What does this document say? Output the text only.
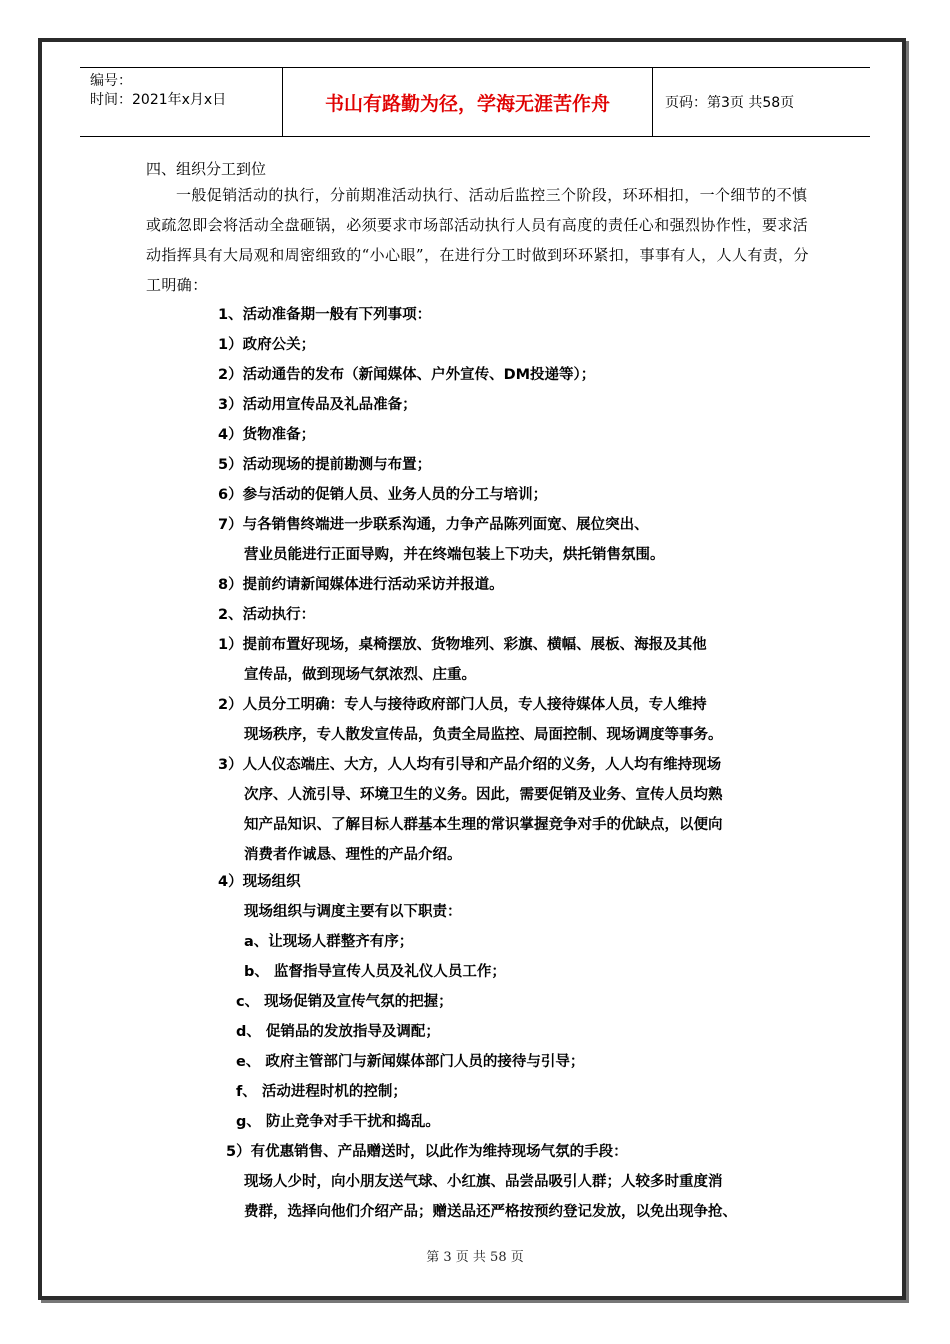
编号：
时间：2021年x月x日	书山有路勤为径，学海无涯苦作舟	页码：第3页 共58页
四、组织分工到位
一般促销活动的执行，分前期准活动执行、活动后监控三个阶段，环环相扣，一个细节的不慎或疏忽即会将活动全盘砸锅，必须要求市场部活动执行人员有高度的责任心和强烈协作性，要求活动指挥具有大局观和周密细致的“小心眼”，在进行分工时做到环环紧扣，事事有人，人人有责，分工明确：
1、活动准备期一般有下列事项：
1）政府公关；
2）活动通告的发布（新闻媒体、户外宣传、DM投递等）；
3）活动用宣传品及礼品准备；
4）货物准备；
5）活动现场的提前勘测与布置；
6）参与活动的促销人员、业务人员的分工与培训；
7）与各销售终端进一步联系沟通，力争产品陈列面宽、展位突出、
营业员能进行正面导购，并在终端包装上下功夫，烘托销售氛围。
8）提前约请新闻媒体进行活动采访并报道。
2、活动执行：
1）提前布置好现场，桌椅摆放、货物堆列、彩旗、横幅、展板、海报及其他
宣传品，做到现场气氛浓烈、庄重。
2）人员分工明确：专人与接待政府部门人员，专人接待媒体人员，专人维持
现场秩序，专人散发宣传品，负责全局监控、局面控制、现场调度等事务。
3）人人仪态端庄、大方，人人均有引导和产品介绍的义务，人人均有维持现场
次序、人流引导、环境卫生的义务。因此，需要促销及业务、宣传人员均熟
知产品知识、了解目标人群基本生理的常识掌握竞争对手的优缺点，以便向
消费者作诚恳、理性的产品介绍。
4）现场组织
现场组织与调度主要有以下职责：
a、让现场人群整齐有序；
b、 监督指导宣传人员及礼仪人员工作；
c、 现场促销及宣传气氛的把握；
d、 促销品的发放指导及调配；
e、 政府主管部门与新闻媒体部门人员的接待与引导；
f、 活动进程时机的控制；
g、 防止竞争对手干扰和捣乱。
5）有优惠销售、产品赠送时，以此作为维持现场气氛的手段：
现场人少时，向小朋友送气球、小红旗、品尝品吸引人群；人较多时重度消
费群，选择向他们介绍产品；赠送品还严格按预约登记发放，以免出现争抢、
第 3 页 共 58 页
